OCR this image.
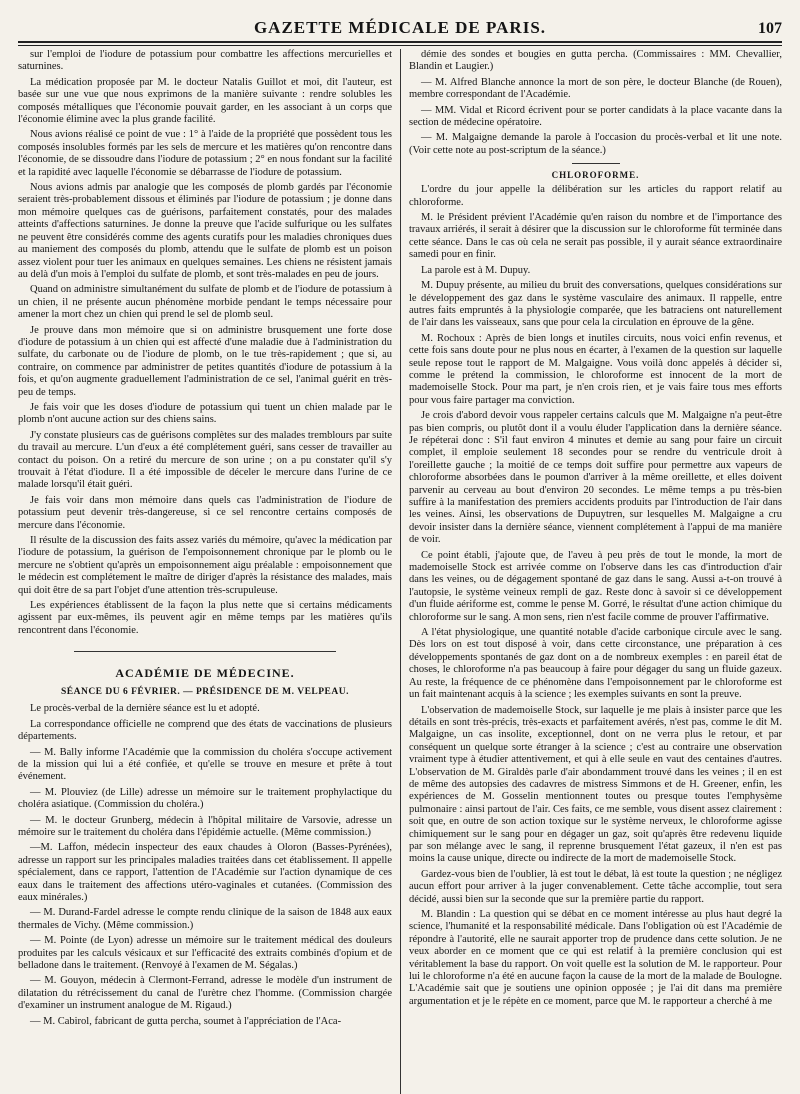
GAZETTE MÉDICALE DE PARIS.	107

sur l'emploi de l'iodure de potassium pour combattre les affections mercurielles et saturnines.

La médication proposée par M. le docteur Natalis Guillot et moi, dit l'auteur, est basée sur une vue que nous exprimons de la manière suivante : rendre solubles les composés métalliques que l'économie pouvait garder, en les associant à un corps que l'économie élimine avec la plus grande facilité.

Nous avions réalisé ce point de vue : 1° à l'aide de la propriété que possèdent tous les composés insolubles formés par les sels de mercure et les matières qu'on rencontre dans l'économie, de se dissoudre dans l'iodure de potassium ; 2° en nous fondant sur la facilité et la rapidité avec laquelle l'économie se débarrasse de l'iodure de potassium.

Nous avions admis par analogie que les composés de plomb gardés par l'économie seraient très-probablement dissous et éliminés par l'iodure de potassium ; je donne dans mon mémoire quelques cas de guérisons, parfaitement constatés, pour des malades atteints d'affections saturnines. Je donne la preuve que l'acide sulfurique ou les sulfates ne peuvent être considérés comme des agents curatifs pour les maladies chroniques dues au maniement des composés du plomb, attendu que le sulfate de plomb est un poison assez violent pour tuer les animaux en quelques semaines. Les chiens ne résistent jamais au delà d'un mois à l'emploi du sulfate de plomb, et sont très-malades en peu de jours.

Quand on administre simultanément du sulfate de plomb et de l'iodure de potassium à un chien, il ne présente aucun phénomène morbide pendant le temps nécessaire pour amener la mort chez un chien qui prend le sel de plomb seul.

Je prouve dans mon mémoire que si on administre brusquement une forte dose d'iodure de potassium à un chien qui est affecté d'une maladie due à l'administration du sulfate, du carbonate ou de l'iodure de plomb, on le tue très-rapidement ; que si, au contraire, on commence par administrer de petites quantités d'iodure de potassium à la fois, et qu'on augmente graduellement l'administration de ce sel, l'animal guérit en très-peu de temps.

Je fais voir que les doses d'iodure de potassium qui tuent un chien malade par le plomb n'ont aucune action sur des chiens sains.

J'y constate plusieurs cas de guérisons complètes sur des malades tremblours par suite du travail au mercure. L'un d'eux a été complétement guéri, sans cesser de travailler au contact du poison. On a retiré du mercure de son urine ; on a pu constater qu'il s'y trouvait à l'état d'iodure. Il a été impossible de déceler le mercure dans l'urine de ce malade lorsqu'il était guéri.

Je fais voir dans mon mémoire dans quels cas l'administration de l'iodure de potassium peut devenir très-dangereuse, si ce sel rencontre certains composés de mercure dans l'économie.

Il résulte de la discussion des faits assez variés du mémoire, qu'avec la médication par l'iodure de potassium, la guérison de l'empoisonnement chronique par le plomb ou le mercure ne s'obtient qu'après un empoisonnement aigu préalable : empoisonnement que le médecin est complétement le maître de diriger d'après la résistance des malades, mais qui doit être de sa part l'objet d'une attention très-scrupuleuse.

Les expériences établissent de la façon la plus nette que si certains médicaments agissent par eux-mêmes, ils peuvent agir en même temps par les matières qu'ils rencontrent dans l'économie.

ACADÉMIE DE MÉDECINE.
SÉANCE DU 6 FÉVRIER. — PRÉSIDENCE DE M. VELPEAU.

Le procès-verbal de la dernière séance est lu et adopté.

La correspondance officielle ne comprend que des états de vaccinations de plusieurs départements.

— M. Bally informe l'Académie que la commission du choléra s'occupe activement de la mission qui lui a été confiée, et qu'elle se trouve en mesure et prête à tout événement.

— M. Plouviez (de Lille) adresse un mémoire sur le traitement prophylactique du choléra asiatique. (Commission du choléra.)

— M. le docteur Grunberg, médecin à l'hôpital militaire de Varsovie, adresse un mémoire sur le traitement du choléra dans l'épidémie actuelle. (Même commission.)

—M. Laffon, médecin inspecteur des eaux chaudes à Oloron (Basses-Pyrénées), adresse un rapport sur les principales maladies traitées dans cet établissement. Il appelle spécialement, dans ce rapport, l'attention de l'Académie sur l'action dynamique de ces eaux dans le traitement des affections utéro-vaginales et cutanées. (Commission des eaux minérales.)

— M. Durand-Fardel adresse le compte rendu clinique de la saison de 1848 aux eaux thermales de Vichy. (Même commission.)

— M. Pointe (de Lyon) adresse un mémoire sur le traitement médical des douleurs produites par les calculs vésicaux et sur l'efficacité des extraits combinés d'opium et de belladone dans le traitement. (Renvoyé à l'examen de M. Ségalas.)

— M. Gouyon, médecin à Clermont-Ferrand, adresse le modèle d'un instrument de dilatation du rétrécissement du canal de l'urètre chez l'homme. (Commission chargée d'examiner un instrument analogue de M. Rigaud.)

— M. Cabirol, fabricant de gutta percha, soumet à l'appréciation de l'Aca-

démie des sondes et bougies en gutta percha. (Commissaires : MM. Chevallier, Blandin et Laugier.)

— M. Alfred Blanche annonce la mort de son père, le docteur Blanche (de Rouen), membre correspondant de l'Académie.

— MM. Vidal et Ricord écrivent pour se porter candidats à la place vacante dans la section de médecine opératoire.

— M. Malgaigne demande la parole à l'occasion du procès-verbal et lit une note. (Voir cette note au post-scriptum de la séance.)

CHLOROFORME.

L'ordre du jour appelle la délibération sur les articles du rapport relatif au chloroforme.

M. le Président prévient l'Académie qu'en raison du nombre et de l'importance des travaux arriérés, il serait à désirer que la discussion sur le chloroforme fût terminée dans cette séance. Dans le cas où cela ne serait pas possible, il y aurait séance extraordinaire samedi pour en finir.

La parole est à M. Dupuy.

M. Dupuy présente, au milieu du bruit des conversations, quelques considérations sur le développement des gaz dans le système vasculaire des animaux. Il rappelle, entre autres faits empruntés à la physiologie comparée, que les batraciens ont naturellement de l'air dans les vaisseaux, sans que pour cela la circulation en éprouve de la gêne.

M. Rochoux : Après de bien longs et inutiles circuits, nous voici enfin revenus, et cette fois sans doute pour ne plus nous en écarter, à l'examen de la question sur laquelle seule repose tout le rapport de M. Malgaigne. Vous voilà donc appelés à décider si, comme le prétend la commission, le chloroforme est innocent de la mort de mademoiselle Stock. Pour ma part, je n'en crois rien, et je vais faire tous mes efforts pour vous faire partager ma conviction.

Je crois d'abord devoir vous rappeler certains calculs que M. Malgaigne n'a peut-être pas bien compris, ou plutôt dont il a voulu éluder l'application dans la dernière séance. Je répéterai donc : S'il faut environ 4 minutes et demie au sang pour faire un circuit complet, il emploie seulement 18 secondes pour se rendre du ventricule droit à l'oreillette gauche ; la moitié de ce temps doit suffire pour permettre aux vapeurs de chloroforme absorbées dans le poumon d'arriver à la même oreillette, et elles doivent parvenir au cerveau au bout d'environ 20 secondes. Le même temps a pu très-bien suffire à la manifestation des premiers accidents produits par l'introduction de l'air dans les veines. Ainsi, les observations de Dupuytren, sur lesquelles M. Malgaigne a cru devoir insister dans la dernière séance, viennent complétement à l'appui de ma manière de voir.

Ce point établi, j'ajoute que, de l'aveu à peu près de tout le monde, la mort de mademoiselle Stock est arrivée comme on l'observe dans les cas d'introduction d'air dans les veines, ou de dégagement spontané de gaz dans le sang. Aussi a-t-on trouvé à l'autopsie, le système veineux rempli de gaz. Reste donc à savoir si ce développement d'un fluide aériforme est, comme le pense M. Gorré, le résultat d'une action chimique du chloroforme sur le sang. A mon sens, rien n'est facile comme de prouver l'affirmative.

A l'état physiologique, une quantité notable d'acide carbonique circule avec le sang. Dès lors on est tout disposé à voir, dans cette circonstance, une préparation à ces développements spontanés de gaz dont on a de nombreux exemples : en pareil état de choses, le chloroforme n'a pas beaucoup à faire pour dégager du sang un fluide gazeux. Au reste, la fréquence de ce phénomène dans l'empoisonnement par le chloroforme est un fait maintenant acquis à la science ; les exemples suivants en sont la preuve.

L'observation de mademoiselle Stock, sur laquelle je me plais à insister parce que les détails en sont très-précis, très-exacts et parfaitement avérés, n'est pas, comme le dit M. Malgaigne, un cas insolite, exceptionnel, dont on ne verra plus le retour, et par conséquent un quelque sorte étranger à la science ; c'est au contraire une observation vraiment type à étudier attentivement, et qui à elle seule en vaut des centaines d'autres. L'observation de M. Giraldès parle d'air abondamment trouvé dans les veines ; il en est de même des autopsies des cadavres de mistress Simmons et de H. Greener, enfin, les expériences de M. Gosselin mentionnent toutes ou presque toutes l'emphysème pulmonaire : ainsi partout de l'air. Ces faits, ce me semble, vous disent assez clairement : soit que, en outre de son action toxique sur le système nerveux, le chloroforme agisse chimiquement sur le sang pour en dégager un gaz, soit qu'après être redevenu liquide par son mélange avec le sang, il reprenne brusquement l'état gazeux, il n'en est pas moins la cause unique, directe ou indirecte de la mort de mademoiselle Stock.

Gardez-vous bien de l'oublier, là est tout le débat, là est toute la question ; ne négligez aucun effort pour arriver à la juger convenablement. Cette tâche accomplie, tout sera décidé, aussi bien sur la seconde que sur la première partie du rapport.

M. Blandin : La question qui se débat en ce moment intéresse au plus haut degré la science, l'humanité et la responsabilité médicale. Dans l'obligation où est l'Académie de répondre à l'autorité, elle ne saurait apporter trop de prudence dans cette solution. Je ne veux aborder en ce moment que ce qui est relatif à la première conclusion qui est véritablement la base du rapport. On voit quelle est la solution de M. le rapporteur. Pour lui le chloroforme n'a été en aucune façon la cause de la mort de la malade de Boulogne. L'Académie sait que je soutiens une opinion opposée ; je l'ai dit dans ma première argumentation et je le répète en ce moment, parce que M. le rapporteur a cherché à me
